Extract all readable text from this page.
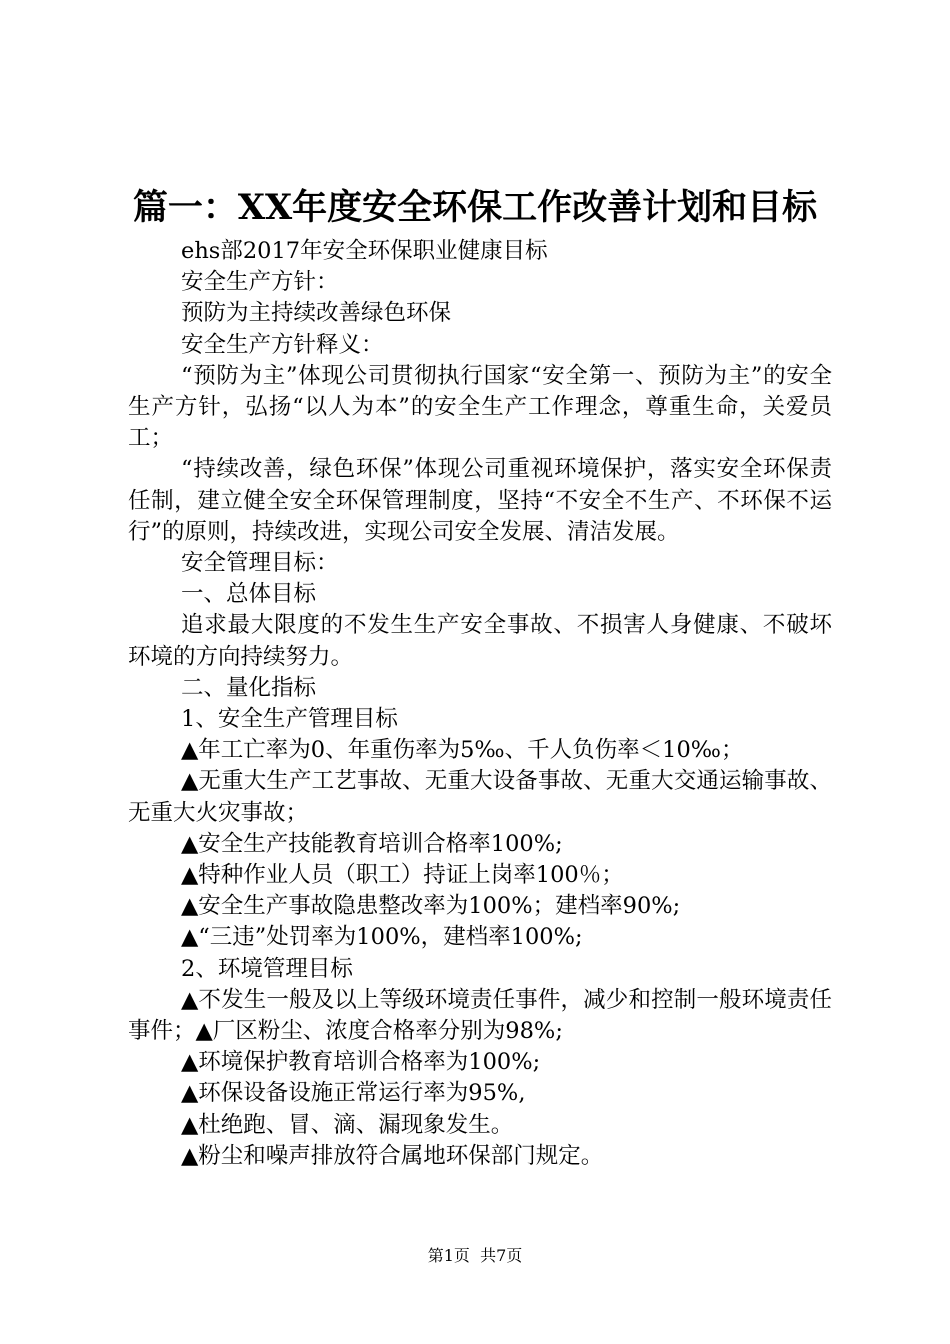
篇一：XX年度安全环保工作改善计划和目标

ehs部2017年安全环保职业健康目标

安全生产方针：

预防为主持续改善绿色环保

安全生产方针释义：

“预防为主”体现公司贯彻执行国家“安全第一、预防为主”的安全生产方针，弘扬“以人为本”的安全生产工作理念，尊重生命，关爱员工；

“持续改善，绿色环保”体现公司重视环境保护，落实安全环保责任制，建立健全安全环保管理制度，坚持“不安全不生产、不环保不运行”的原则，持续改进，实现公司安全发展、清洁发展。

安全管理目标：

一、总体目标

追求最大限度的不发生生产安全事故、不损害人身健康、不破坏环境的方向持续努力。

二、量化指标

1、安全生产管理目标

▲年工亡率为0、年重伤率为5‰、千人负伤率＜10‰；

▲无重大生产工艺事故、无重大设备事故、无重大交通运输事故、无重大火灾事故；

▲安全生产技能教育培训合格率100%;

▲特种作业人员（职工）持证上岗率100％；

▲安全生产事故隐患整改率为100%；建档率90%;

▲“三违”处罚率为100%，建档率100%;

2、环境管理目标

▲不发生一般及以上等级环境责任事件，减少和控制一般环境责任事件；▲厂区粉尘、浓度合格率分别为98%;

▲环境保护教育培训合格率为100%;

▲环保设备设施正常运行率为95%,

▲杜绝跑、冒、滴、漏现象发生。

▲粉尘和噪声排放符合属地环保部门规定。

第1页  共7页
